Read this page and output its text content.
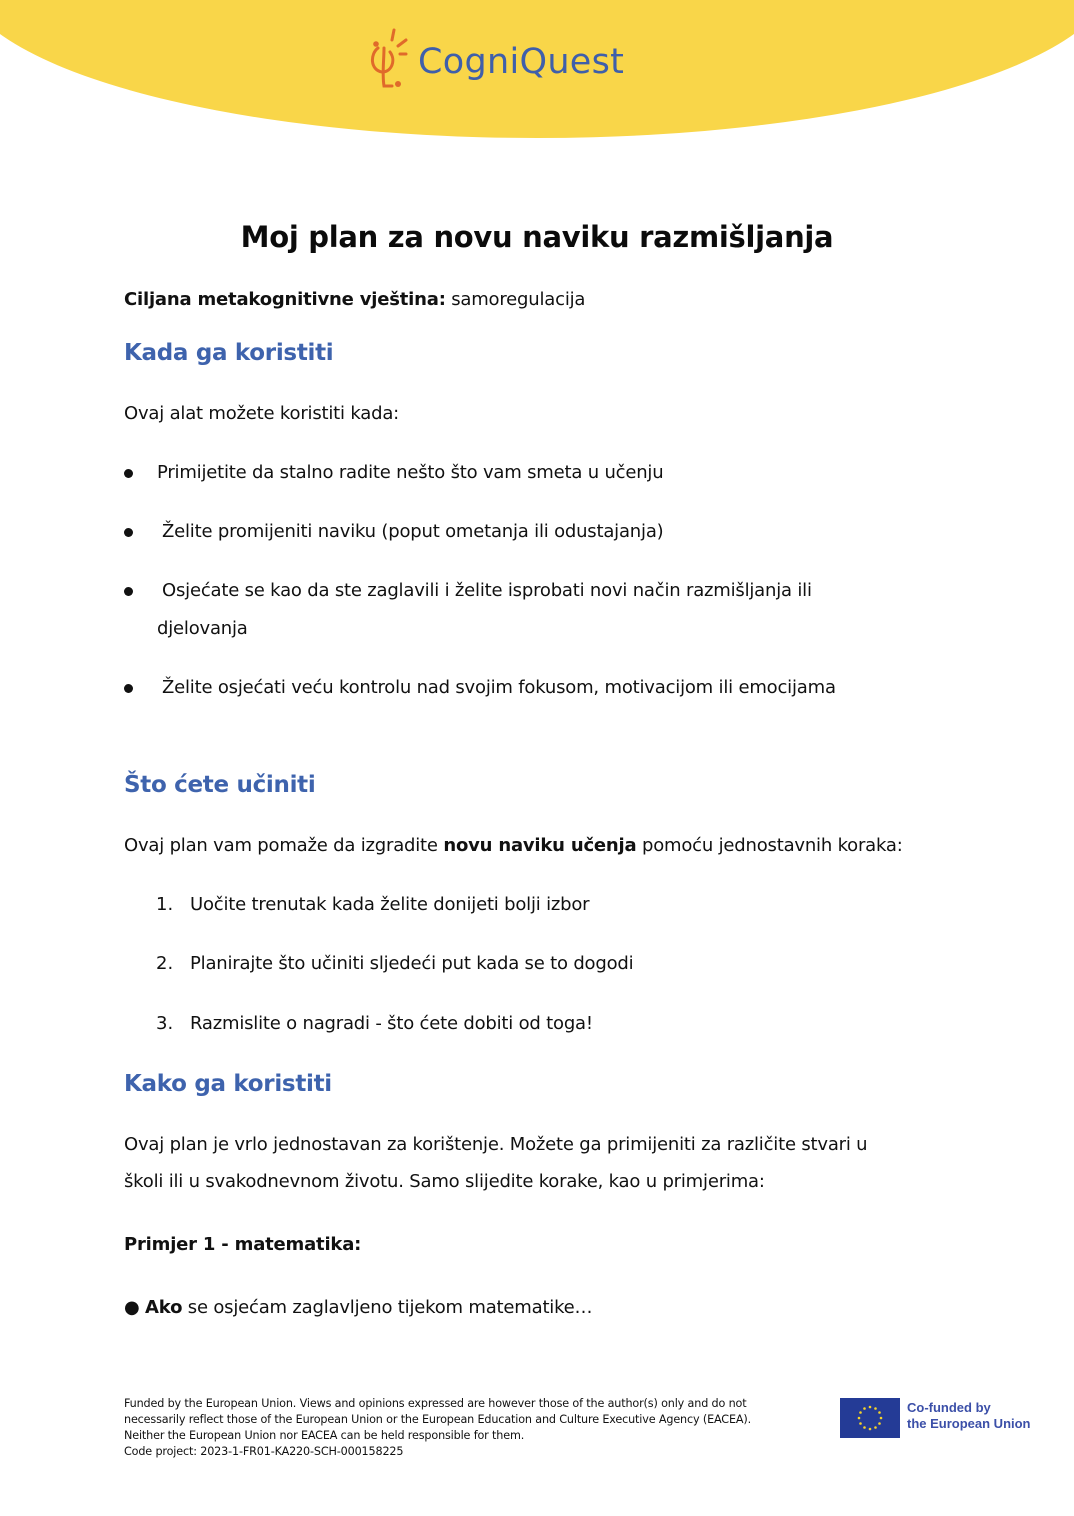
CogniQuest
Moj plan za novu naviku razmišljanja
Ciljana metakognitivne vještina: samoregulacija
Kada ga koristiti
Ovaj alat možete koristiti kada:
Primijetite da stalno radite nešto što vam smeta u učenju
Želite promijeniti naviku (poput ometanja ili odustajanja)
Osjećate se kao da ste zaglavili i želite isprobati novi način razmišljanja ili
djelovanja
Želite osjećati veću kontrolu nad svojim fokusom, motivacijom ili emocijama
Što ćete učiniti
Ovaj plan vam pomaže da izgradite novu naviku učenja pomoću jednostavnih koraka:
1. Uočite trenutak kada želite donijeti bolji izbor
2. Planirajte što učiniti sljedeći put kada se to dogodi
3. Razmislite o nagradi - što ćete dobiti od toga!
Kako ga koristiti
Ovaj plan je vrlo jednostavan za korištenje. Možete ga primijeniti za različite stvari u
školi ili u svakodnevnom životu. Samo slijedite korake, kao u primjerima:
Primjer 1 - matematika:
● Ako se osjećam zaglavljeno tijekom matematike…
Funded by the European Union. Views and opinions expressed are however those of the author(s) only and do not
necessarily reflect those of the European Union or the European Education and Culture Executive Agency (EACEA).
Neither the European Union nor EACEA can be held responsible for them.
Code project: 2023-1-FR01-KA220-SCH-000158225
Co-funded by
the European Union
